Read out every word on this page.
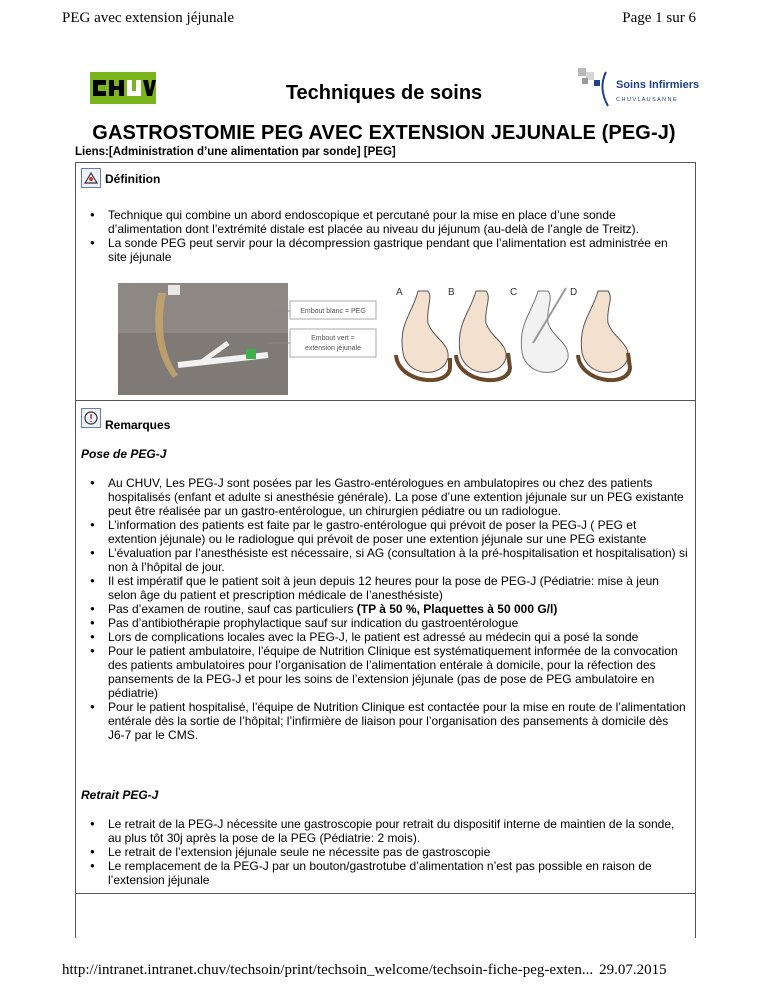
PEG avec extension jéjunale	Page 1 sur 6
CHUV
Soins Infirmiers
C H U V L A U S A N N E
Techniques de soins
GASTROSTOMIE PEG AVEC EXTENSION JEJUNALE (PEG-J)
Liens:[Administration d’une alimentation par sonde] [PEG]
Définition
● Technique qui combine un abord endoscopique et percutané pour la mise en place d’une sonde d’alimentation dont l’extrémité distale est placée au niveau du jéjunum (au-delà de l’angle de Treitz).
● La sonde PEG peut servir pour la décompression gastrique pendant que l’alimentation est administrée en site jéjunale
Embout blanc = PEG
Embout vert =
extension jéjunale
A	B	C	D
Remarques
Pose de PEG-J
● Au CHUV, Les PEG-J sont posées par les Gastro-entérologues en ambulatopires ou chez des patients hospitalisés (enfant et adulte si anesthésie générale). La pose d’une extention jéjunale sur un PEG existante peut être réalisée par un gastro-entérologue, un chirurgien pédiatre ou un radiologue.
● L’information des patients est faite par le gastro-entérologue qui prévoit de poser la PEG-J ( PEG et extention jéjunale) ou le radiologue qui prévoit de poser une extention jéjunale sur une PEG existante
● L’évaluation par l’anesthésiste est nécessaire, si AG (consultation à la pré-hospitalisation et hospitalisation) si non à l’hôpital de jour.
● Il est impératif que le patient soit à jeun depuis 12 heures pour la pose de PEG-J (Pédiatrie: mise à jeun selon âge du patient et prescription médicale de l’anesthésiste)
● Pas d’examen de routine, sauf cas particuliers (TP à 50 %, Plaquettes à 50 000 G/l)
● Pas d’antibiothérapie prophylactique sauf sur indication du gastroentérologue
● Lors de complications locales avec la PEG-J, le patient est adressé au médecin qui a posé la sonde
● Pour le patient ambulatoire, l’équipe de Nutrition Clinique est systématiquement informée de la convocation des patients ambulatoires pour l’organisation de l’alimentation entérale à domicile, pour la réfection des pansements de la PEG-J et pour les soins de l’extension jéjunale (pas de pose de PEG ambulatoire en pédiatrie)
● Pour le patient hospitalisé, l’équipe de Nutrition Clinique est contactée pour la mise en route de l’alimentation entérale dès la sortie de l’hôpital; l’infirmière de liaison pour l’organisation des pansements à domicile dès J6-7 par le CMS.
Retrait PEG-J
● Le retrait de la PEG-J nécessite une gastroscopie pour retrait du dispositif interne de maintien de la sonde, au plus tôt 30j après la pose de la PEG (Pédiatrie: 2 mois).
● Le retrait de l’extension jéjunale seule ne nécessite pas de gastroscopie
● Le remplacement de la PEG-J par un bouton/gastrotube d’alimentation n’est pas possible en raison de l’extension jéjunale
http://intranet.intranet.chuv/techsoin/print/techsoin_welcome/techsoin-fiche-peg-exten... 29.07.2015
